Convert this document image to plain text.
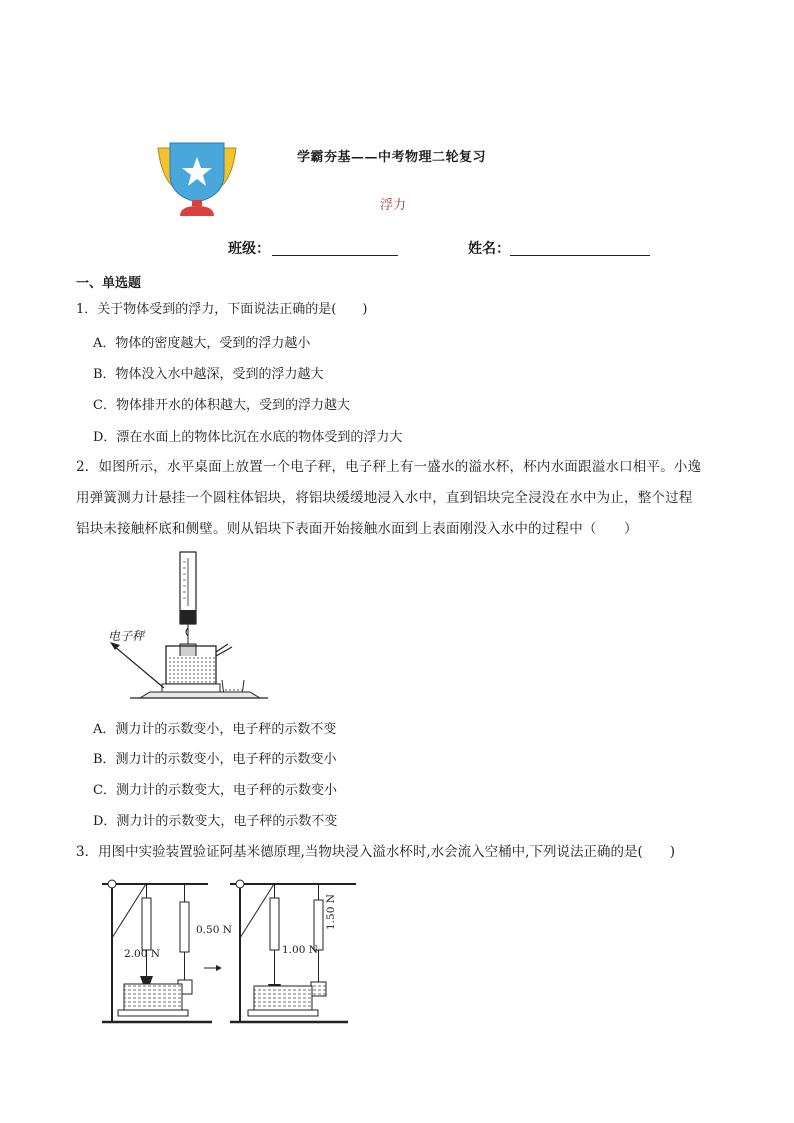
学霸夯基——中考物理二轮复习
浮力
班级：	姓名：
一、单选题
1．关于物体受到的浮力，下面说法正确的是(　　)
A．物体的密度越大，受到的浮力越小
B．物体没入水中越深，受到的浮力越大
C．物体排开水的体积越大，受到的浮力越大
D．漂在水面上的物体比沉在水底的物体受到的浮力大
2．如图所示，水平桌面上放置一个电子秤，电子秤上有一盛水的溢水杯，杯内水面跟溢水口相平。小逸
用弹簧测力计悬挂一个圆柱体铝块，将铝块缓缓地浸入水中，直到铝块完全浸没在水中为止，整个过程
铝块未接触杯底和侧壁。则从铝块下表面开始接触水面到上表面刚没入水中的过程中（　　）
电子秤
A．测力计的示数变小，电子秤的示数不变
B．测力计的示数变小，电子秤的示数变小
C．测力计的示数变大，电子秤的示数变小
D．测力计的示数变大，电子秤的示数不变
3．用图中实验装置验证阿基米德原理,当物块浸入溢水杯时,水会流入空桶中,下列说法正确的是(　　)
2.00 N
0.50 N
1.00 N
1.50 N
